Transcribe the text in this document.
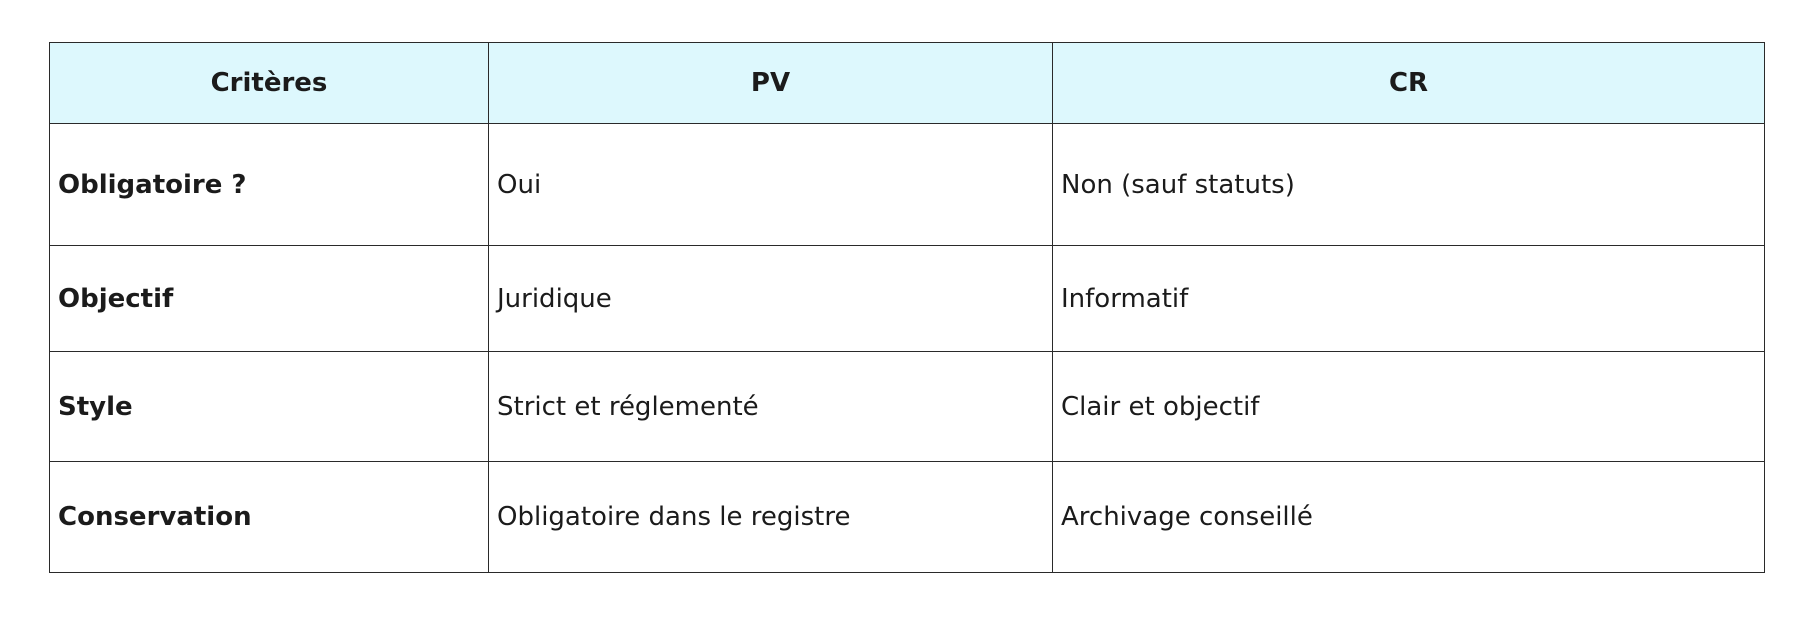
Critères	PV	CR
Obligatoire ?	Oui	Non (sauf statuts)
Objectif	Juridique	Informatif
Style	Strict et réglementé	Clair et objectif
Conservation	Obligatoire dans le registre	Archivage conseillé
